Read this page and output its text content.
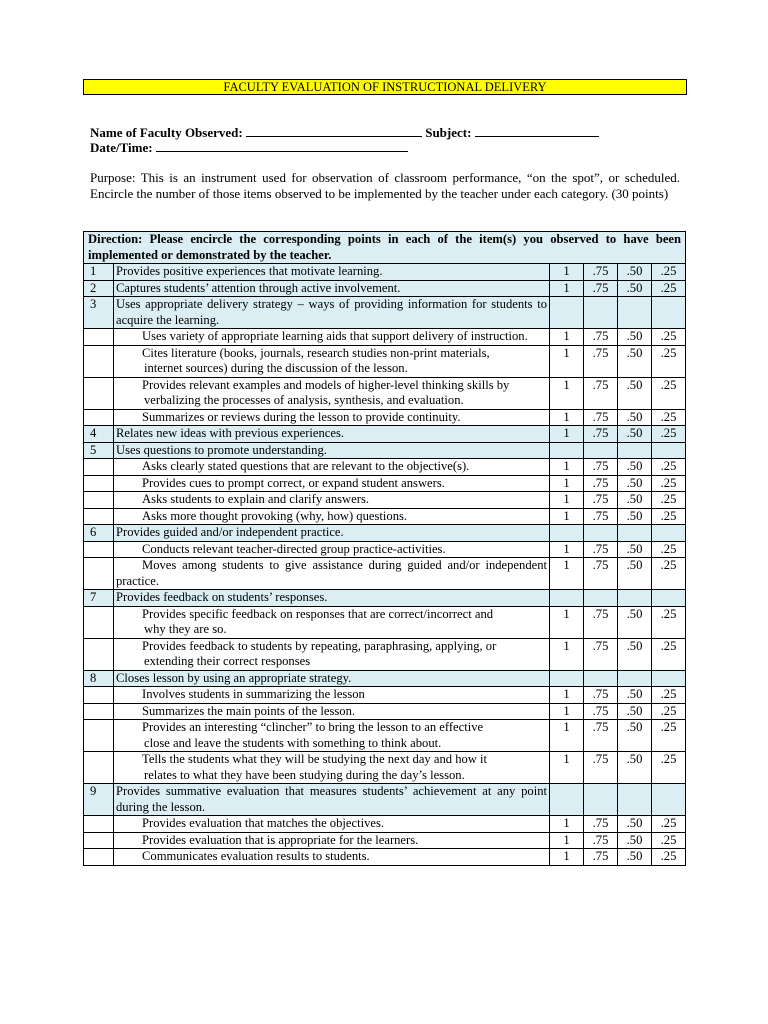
FACULTY EVALUATION OF INSTRUCTIONAL DELIVERY
Name of Faculty Observed:	Subject:
Date/Time:
Purpose: This is an instrument used for observation of classroom performance, “on the spot”, or scheduled. Encircle the number of those items observed to be implemented by the teacher under each category. (30 points)
Direction: Please encircle the corresponding points in each of the item(s) you observed to have been implemented or demonstrated by the teacher.					
1	Provides positive experiences that motivate learning.	1	.75	.50	.25
2	Captures students’ attention through active involvement.	1	.75	.50	.25
3	Uses appropriate delivery strategy – ways of providing information for students to acquire the learning.				
	Uses variety of appropriate learning aids that support delivery of instruction.	1	.75	.50	.25
	Cites literature (books, journals, research studies non-print materials,
internet sources) during the discussion of the lesson.	1	.75	.50	.25
	Provides relevant examples and models of higher-level thinking skills by
verbalizing the processes of analysis, synthesis, and evaluation.	1	.75	.50	.25
	Summarizes or reviews during the lesson to provide continuity.	1	.75	.50	.25
4	Relates new ideas with previous experiences.	1	.75	.50	.25
5	Uses questions to promote understanding.				
	Asks clearly stated questions that are relevant to the objective(s).	1	.75	.50	.25
	Provides cues to prompt correct, or expand student answers.	1	.75	.50	.25
	Asks students to explain and clarify answers.	1	.75	.50	.25
	Asks more thought provoking (why, how) questions.	1	.75	.50	.25
6	Provides guided and/or independent practice.				
	Conducts relevant teacher-directed group practice-activities.	1	.75	.50	.25
	Moves among students to give assistance during guided and/or independent practice.	1	.75	.50	.25
7	Provides feedback on students’ responses.				
	Provides specific feedback on responses that are correct/incorrect and
why they are so.	1	.75	.50	.25
	Provides feedback to students by repeating, paraphrasing, applying, or
extending their correct responses	1	.75	.50	.25
8	Closes lesson by using an appropriate strategy.				
	Involves students in summarizing the lesson	1	.75	.50	.25
	Summarizes the main points of the lesson.	1	.75	.50	.25
	Provides an interesting “clincher” to bring the lesson to an effective
close and leave the students with something to think about.	1	.75	.50	.25
	Tells the students what they will be studying the next day and how it
relates to what they have been studying during the day’s lesson.	1	.75	.50	.25
9	Provides summative evaluation that measures students’ achievement at any point during the lesson.				
	Provides evaluation that matches the objectives.	1	.75	.50	.25
	Provides evaluation that is appropriate for the learners.	1	.75	.50	.25
	Communicates evaluation results to students.	1	.75	.50	.25
